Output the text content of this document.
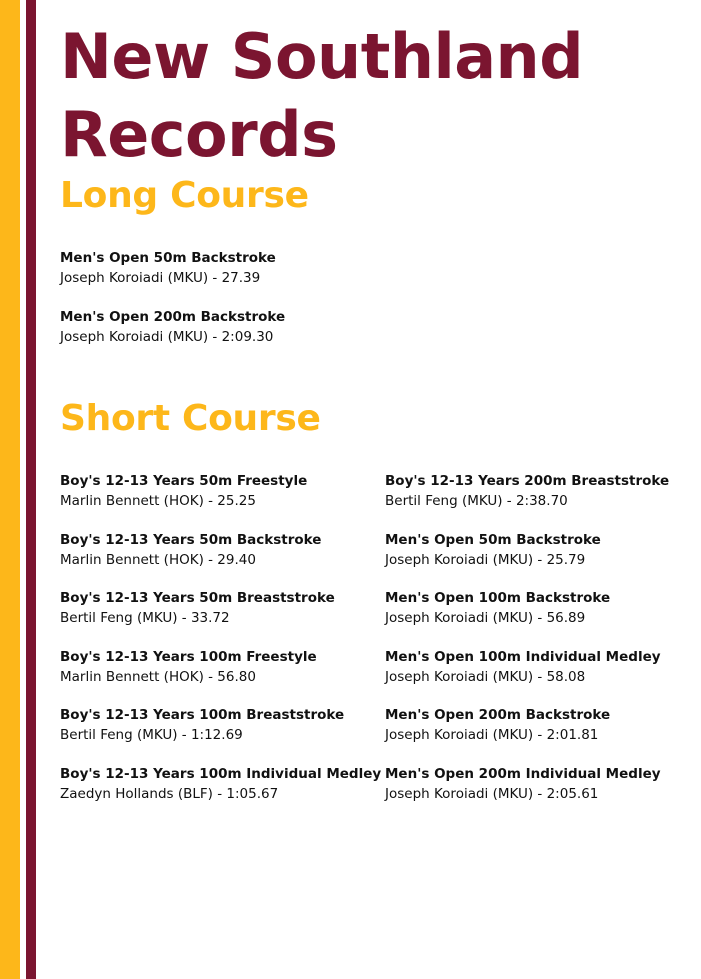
New Southland Records
Long Course
Men's Open 50m Backstroke
Joseph Koroiadi (MKU) - 27.39
Men's Open 200m Backstroke
Joseph Koroiadi (MKU) - 2:09.30
Short Course
Boy's 12-13 Years 50m Freestyle
Marlin Bennett (HOK) - 25.25
Boy's 12-13 Years 50m Backstroke
Marlin Bennett (HOK) - 29.40
Boy's 12-13 Years 50m Breaststroke
Bertil Feng (MKU) - 33.72
Boy's 12-13 Years 100m Freestyle
Marlin Bennett (HOK) - 56.80
Boy's 12-13 Years 100m Breaststroke
Bertil Feng (MKU) - 1:12.69
Boy's 12-13 Years 100m Individual Medley
Zaedyn Hollands (BLF) - 1:05.67
Boy's 12-13 Years 200m Breaststroke
Bertil Feng (MKU) - 2:38.70
Men's Open 50m Backstroke
Joseph Koroiadi (MKU) - 25.79
Men's Open 100m Backstroke
Joseph Koroiadi (MKU) - 56.89
Men's Open 100m Individual Medley
Joseph Koroiadi (MKU) - 58.08
Men's Open 200m Backstroke
Joseph Koroiadi (MKU) - 2:01.81
Men's Open 200m Individual Medley
Joseph Koroiadi (MKU) - 2:05.61
